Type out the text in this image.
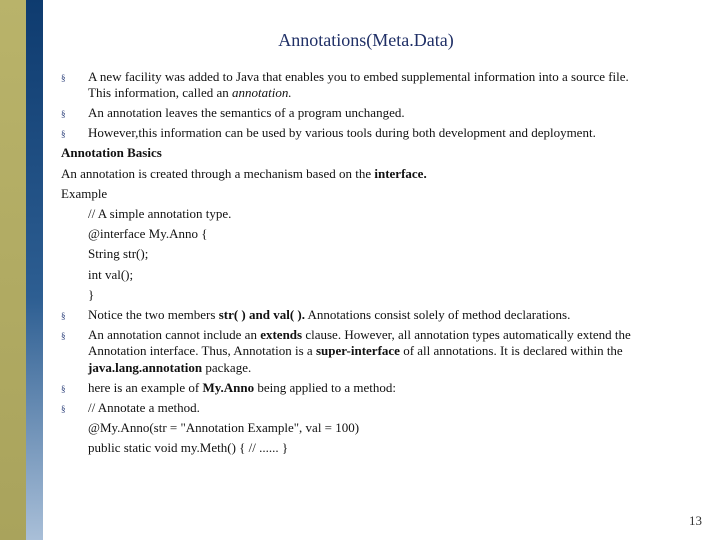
Annotations(Meta.Data)
§ A new facility was added to Java that enables you to embed supplemental information into a source file.
This information, called an annotation.
§ An annotation leaves the semantics of a program unchanged.
§ However,this information can be used by various tools during both development and deployment.
Annotation Basics
An annotation is created through a mechanism based on the interface.
Example
// A simple annotation type.
@interface My.Anno {
String str();
int val();
}
§ Notice the two members str( ) and val( ). Annotations consist solely of method declarations.
§ An annotation cannot include an extends clause. However, all annotation types automatically extend the Annotation interface. Thus, Annotation is a super-interface of all annotations. It is declared within the java.lang.annotation package.
§ here is an example of My.Anno being applied to a method:
§ // Annotate a method.
@My.Anno(str = "Annotation Example", val = 100)
public static void my.Meth() { // ...... }
13
